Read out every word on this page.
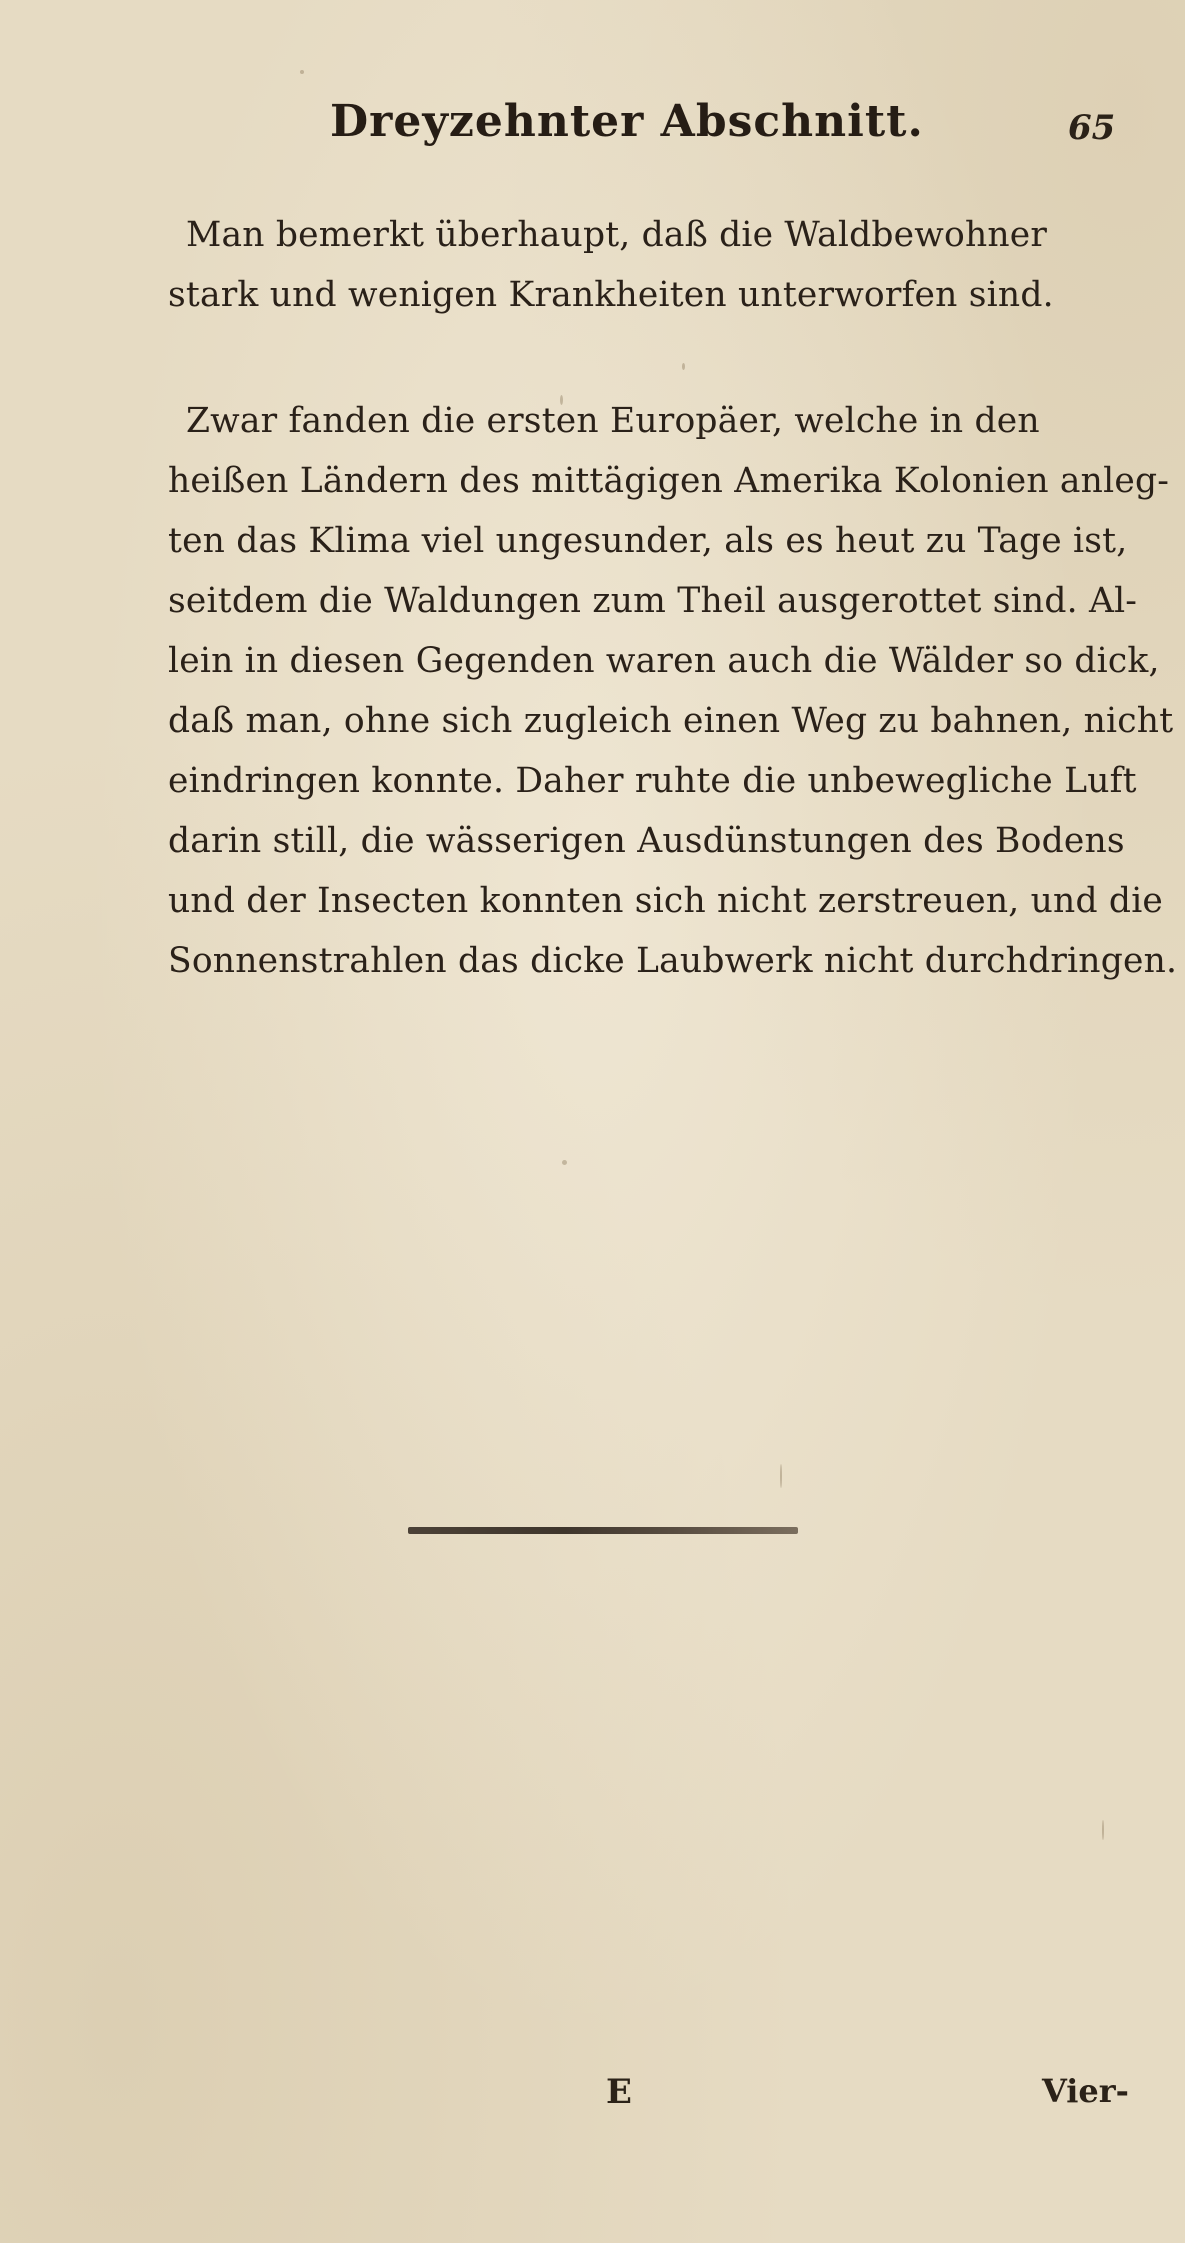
Dreyzehnter Abschnitt.	65
Man bemerkt überhaupt, daß die Waldbewohner
stark und wenigen Krankheiten unterworfen sind.
Zwar fanden die ersten Europäer, welche in den
heißen Ländern des mittägigen Amerika Kolonien anleg-
ten das Klima viel ungesunder, als es heut zu Tage ist,
seitdem die Waldungen zum Theil ausgerottet sind. Al-
lein in diesen Gegenden waren auch die Wälder so dick,
daß man, ohne sich zugleich einen Weg zu bahnen, nicht
eindringen konnte. Daher ruhte die unbewegliche Luft
darin still, die wässerigen Ausdünstungen des Bodens
und der Insecten konnten sich nicht zerstreuen, und die
Sonnenstrahlen das dicke Laubwerk nicht durchdringen.
E	Vier-
